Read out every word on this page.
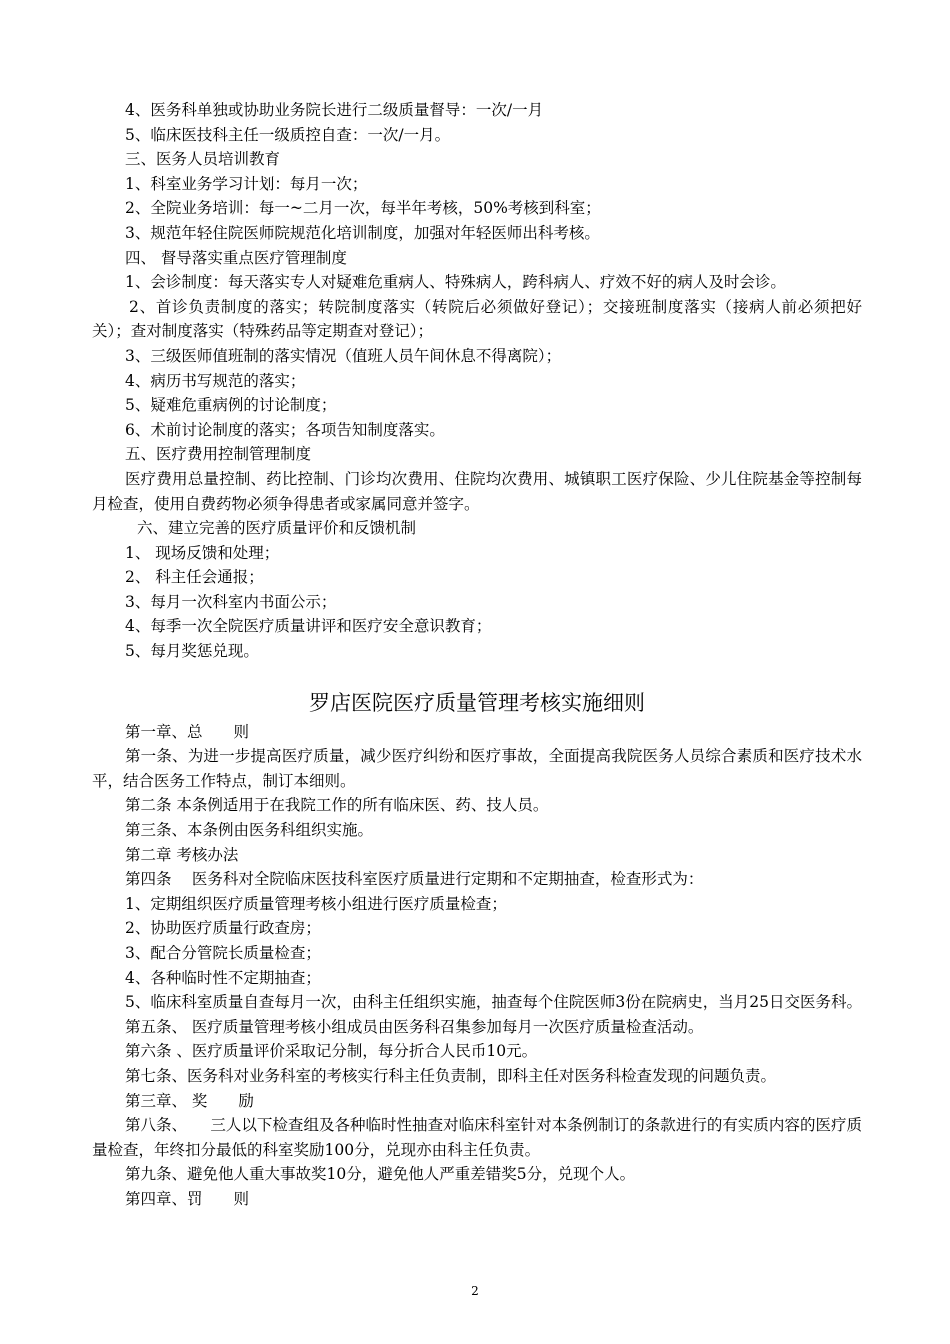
4、医务科单独或协助业务院长进行二级质量督导：一次/一月

5、临床医技科主任一级质控自查：一次/一月。

三、医务人员培训教育

1、科室业务学习计划：每月一次；

2、全院业务培训：每一~二月一次，每半年考核，50%考核到科室；

3、规范年轻住院医师院规范化培训制度，加强对年轻医师出科考核。

四、 督导落实重点医疗管理制度

1、会诊制度：每天落实专人对疑难危重病人、特殊病人，跨科病人、疗效不好的病人及时会诊。

2、首诊负责制度的落实；转院制度落实（转院后必须做好登记）；交接班制度落实（接病人前必须把好关）；查对制度落实（特殊药品等定期查对登记）；

3、三级医师值班制的落实情况（值班人员午间休息不得离院）；

4、病历书写规范的落实；

5、疑难危重病例的讨论制度；

6、术前讨论制度的落实；各项告知制度落实。

五、医疗费用控制管理制度

医疗费用总量控制、药比控制、门诊均次费用、住院均次费用、城镇职工医疗保险、少儿住院基金等控制每月检查，使用自费药物必须争得患者或家属同意并签字。

六、建立完善的医疗质量评价和反馈机制

1、 现场反馈和处理；

2、 科主任会通报；

3、每月一次科室内书面公示；

4、每季一次全院医疗质量讲评和医疗安全意识教育；

5、每月奖惩兑现。

罗店医院医疗质量管理考核实施细则

第一章、总　　则

第一条、为进一步提高医疗质量，减少医疗纠纷和医疗事故，全面提高我院医务人员综合素质和医疗技术水平，结合医务工作特点，制订本细则。

第二条 本条例适用于在我院工作的所有临床医、药、技人员。

第三条、本条例由医务科组织实施。

第二章 考核办法

第四条　 医务科对全院临床医技科室医疗质量进行定期和不定期抽查，检查形式为：

1、定期组织医疗质量管理考核小组进行医疗质量检查；

2、协助医疗质量行政查房；

3、配合分管院长质量检查；

4、各种临时性不定期抽查；

5、临床科室质量自查每月一次，由科主任组织实施，抽查每个住院医师3份在院病史，当月25日交医务科。

第五条、 医疗质量管理考核小组成员由医务科召集参加每月一次医疗质量检查活动。

第六条 、医疗质量评价采取记分制，每分折合人民币10元。

第七条、医务科对业务科室的考核实行科主任负责制，即科主任对医务科检查发现的问题负责。

第三章、 奖　　励

第八条、　　三人以下检查组及各种临时性抽查对临床科室针对本条例制订的条款进行的有实质内容的医疗质量检查，年终扣分最低的科室奖励100分，兑现亦由科主任负责。

第九条、避免他人重大事故奖10分，避免他人严重差错奖5分，兑现个人。

第四章、罚　　则

2
